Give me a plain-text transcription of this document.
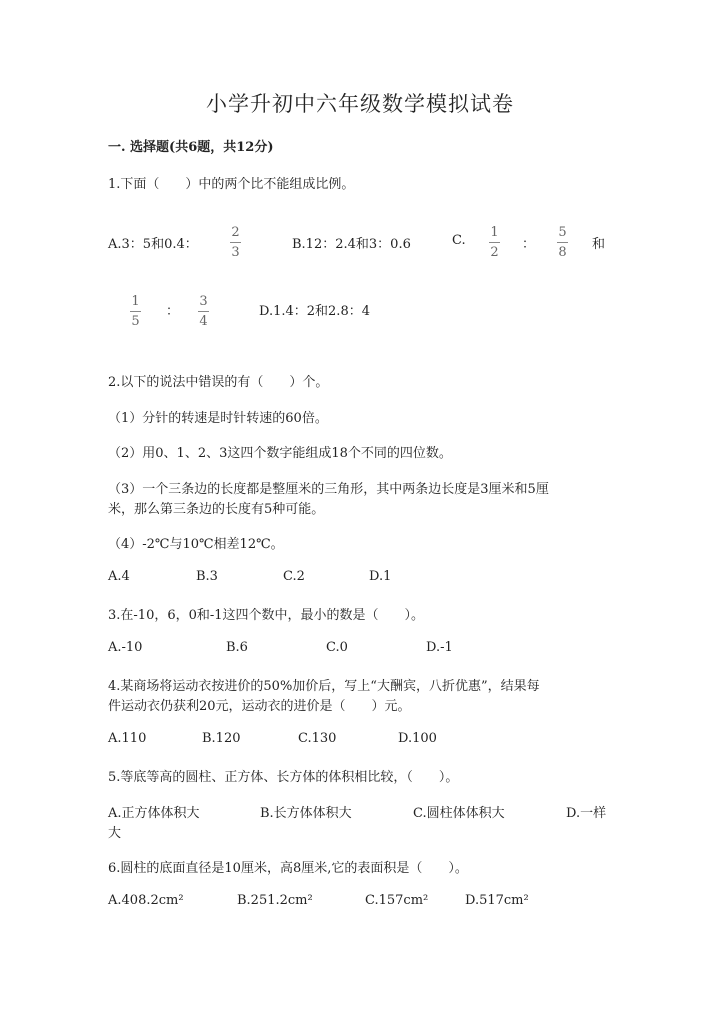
小学升初中六年级数学模拟试卷
一. 选择题(共6题，共12分)
1.下面（　　）中的两个比不能组成比例。
A.3：5和0.4：
2
3
B.12：2.4和3：0.6	C.
1
2
：
5
8
和
1
5
：
3
4
D.1.4：2和2.8：4
2.以下的说法中错误的有（　　）个。
（1）分针的转速是时针转速的60倍。
（2）用0、1、2、3这四个数字能组成18个不同的四位数。
（3）一个三条边的长度都是整厘米的三角形，其中两条边长度是3厘米和5厘
米，那么第三条边的长度有5种可能。
（4）-2℃与10℃相差12℃。
A.4	B.3	C.2	D.1
3.在-10，6，0和-1这四个数中，最小的数是（　　）。
A.-10	B.6	C.0	D.-1
4.某商场将运动衣按进价的50%加价后，写上“大酬宾，八折优惠”，结果每
件运动衣仍获利20元，运动衣的进价是（　　）元。
A.110	B.120	C.130	D.100
5.等底等高的圆柱、正方体、长方体的体积相比较，（　　）。
A.正方体体积大	B.长方体体积大	C.圆柱体体积大	D.一样
大
6.圆柱的底面直径是10厘米，高8厘米,它的表面积是（　　）。
A.408.2cm²	B.251.2cm²	C.157cm²	D.517cm²
